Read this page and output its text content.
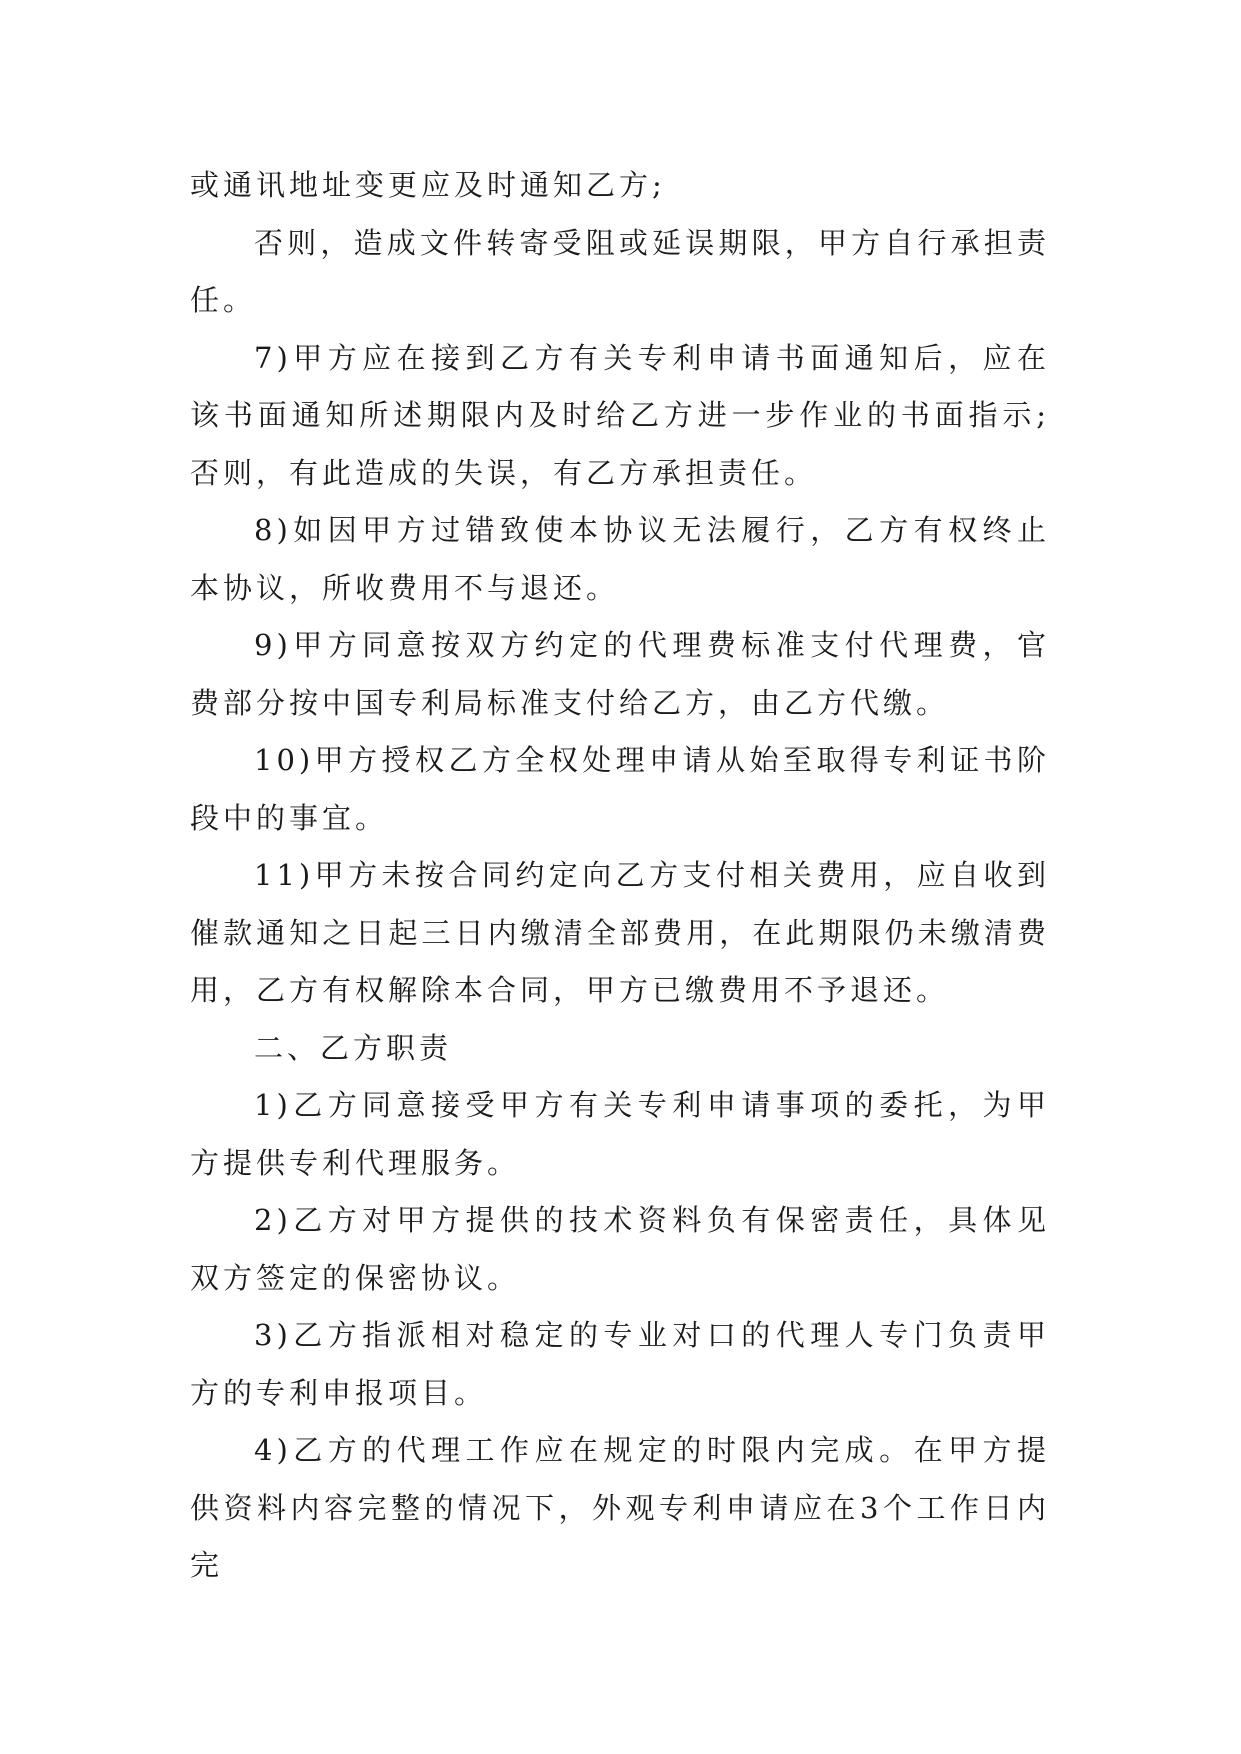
或通讯地址变更应及时通知乙方;

否则，造成文件转寄受阻或延误期限，甲方自行承担责任。

7)甲方应在接到乙方有关专利申请书面通知后，应在该书面通知所述期限内及时给乙方进一步作业的书面指示;否则，有此造成的失误，有乙方承担责任。

8)如因甲方过错致使本协议无法履行，乙方有权终止本协议，所收费用不与退还。

9)甲方同意按双方约定的代理费标准支付代理费，官费部分按中国专利局标准支付给乙方，由乙方代缴。

10)甲方授权乙方全权处理申请从始至取得专利证书阶段中的事宜。

11)甲方未按合同约定向乙方支付相关费用，应自收到催款通知之日起三日内缴清全部费用，在此期限仍未缴清费用，乙方有权解除本合同，甲方已缴费用不予退还。

二、乙方职责

1)乙方同意接受甲方有关专利申请事项的委托，为甲方提供专利代理服务。

2)乙方对甲方提供的技术资料负有保密责任，具体见双方签定的保密协议。

3)乙方指派相对稳定的专业对口的代理人专门负责甲方的专利申报项目。

4)乙方的代理工作应在规定的时限内完成。在甲方提供资料内容完整的情况下，外观专利申请应在3个工作日内完
